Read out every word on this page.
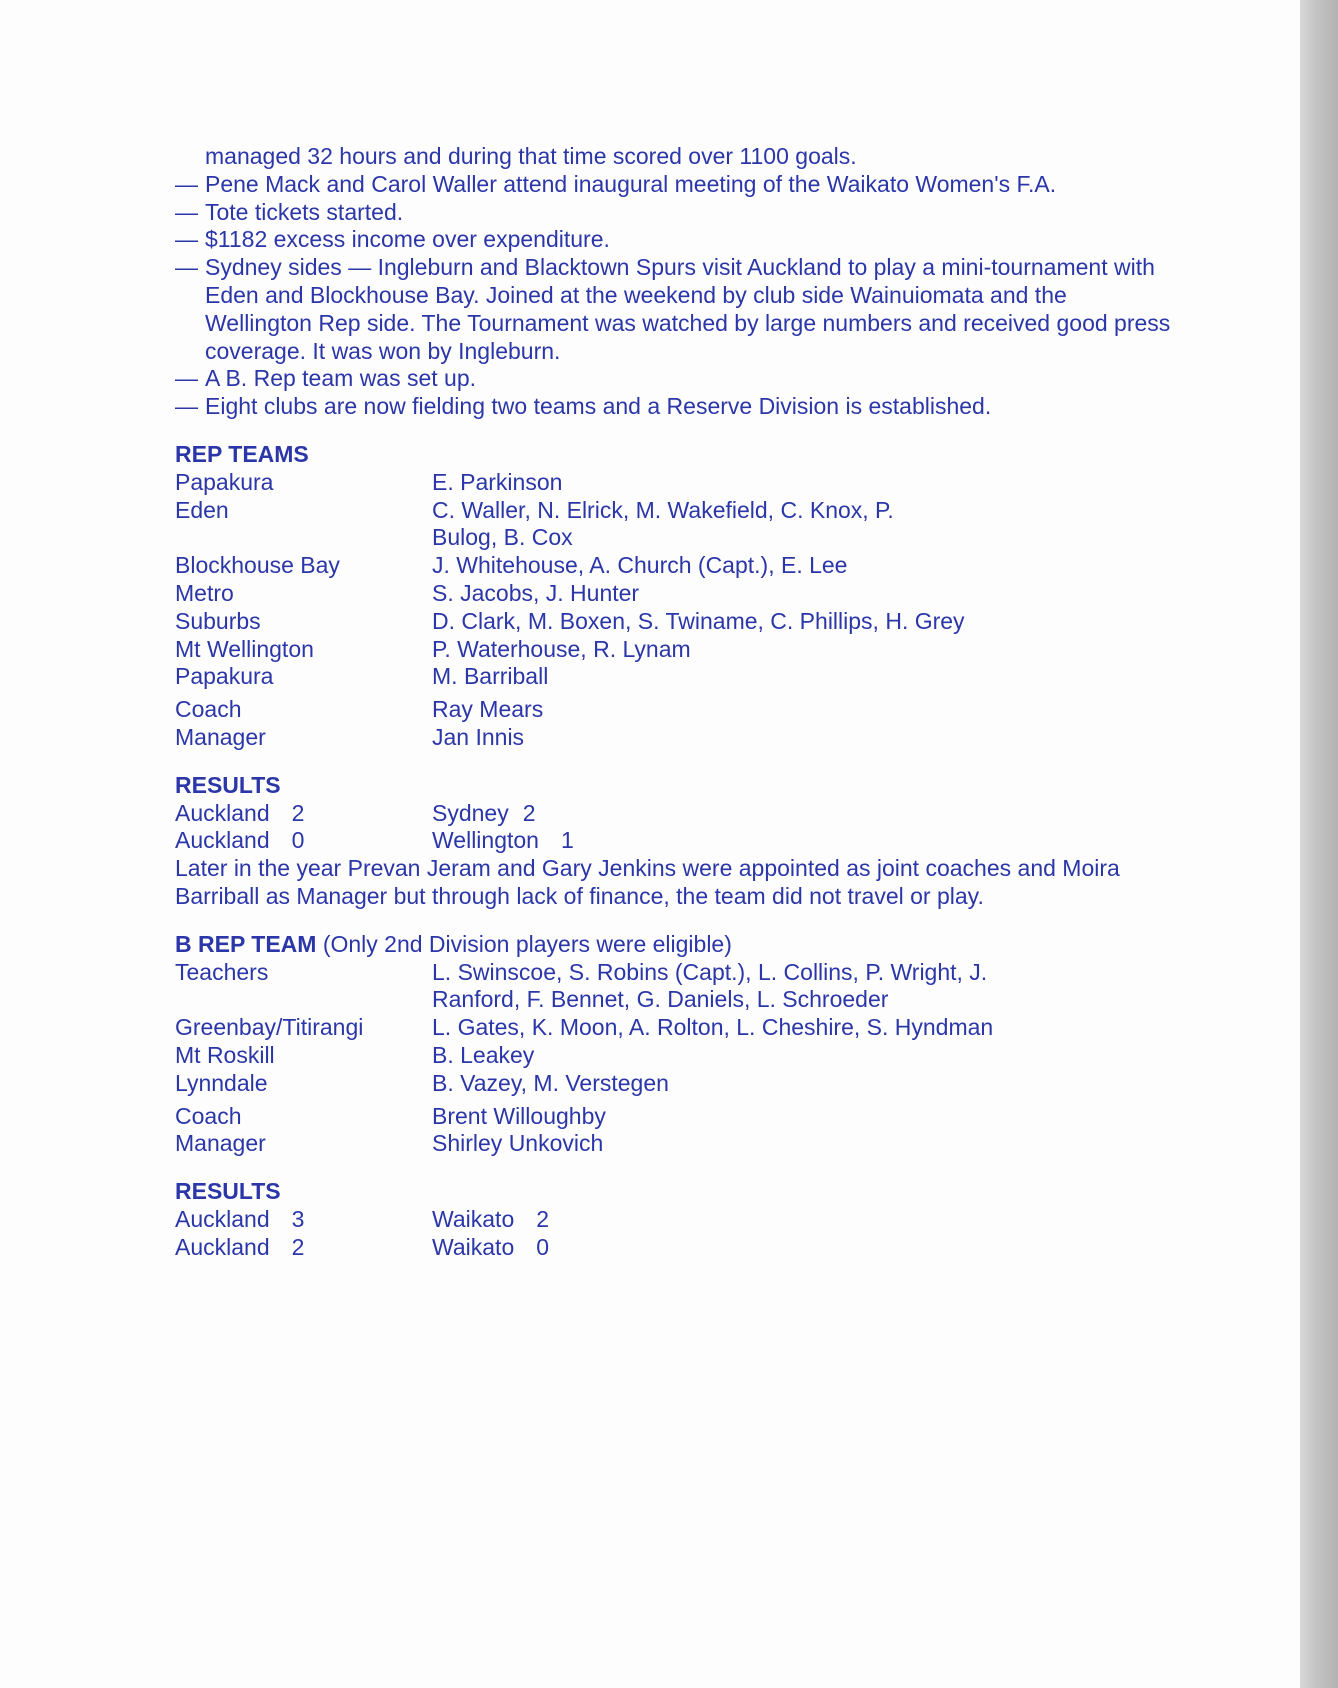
managed 32 hours and during that time scored over 1100 goals.

— Pene Mack and Carol Waller attend inaugural meeting of the Waikato Women's F.A.
— Tote tickets started.
— $1182 excess income over expenditure.
— Sydney sides — Ingleburn and Blacktown Spurs visit Auckland to play a mini-tournament with Eden and Blockhouse Bay. Joined at the weekend by club side Wainuiomata and the Wellington Rep side. The Tournament was watched by large numbers and received good press coverage. It was won by Ingleburn.
— A B. Rep team was set up.
— Eight clubs are now fielding two teams and a Reserve Division is established.
REP TEAMS
Papakura	E. Parkinson
Eden	C. Waller, N. Elrick, M. Wakefield, C. Knox, P. Bulog, B. Cox
Blockhouse Bay	J. Whitehouse, A. Church (Capt.), E. Lee
Metro	S. Jacobs, J. Hunter
Suburbs	D. Clark, M. Boxen, S. Twiname, C. Phillips, H. Grey
Mt Wellington	P. Waterhouse, R. Lynam
Papakura	M. Barriball
Coach	Ray Mears
Manager	Jan Innis
RESULTS
Auckland 2	Sydney 2
Auckland 0	Wellington 1

Later in the year Prevan Jeram and Gary Jenkins were appointed as joint coaches and Moira Barriball as Manager but through lack of finance, the team did not travel or play.

B REP TEAM (Only 2nd Division players were eligible)
Teachers	L. Swinscoe, S. Robins (Capt.), L. Collins, P. Wright, J. Ranford, F. Bennet, G. Daniels, L. Schroeder
Greenbay/Titirangi	L. Gates, K. Moon, A. Rolton, L. Cheshire, S. Hyndman
Mt Roskill	B. Leakey
Lynndale	B. Vazey, M. Verstegen
Coach	Brent Willoughby
Manager	Shirley Unkovich
RESULTS
Auckland 3	Waikato 2
Auckland 2	Waikato 0
